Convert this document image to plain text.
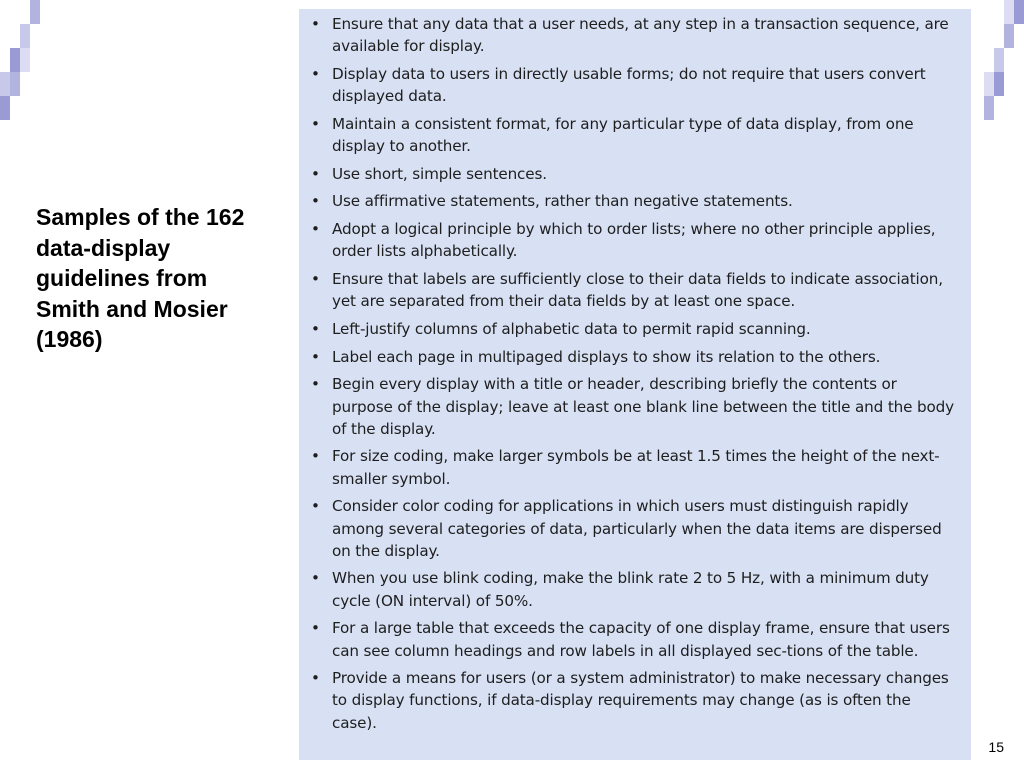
Samples of the 162 data-display guidelines from Smith and Mosier (1986)
• Ensure that any data that a user needs, at any step in a transaction sequence, are available for display.
• Display data to users in directly usable forms; do not require that users convert displayed data.
• Maintain a consistent format, for any particular type of data display, from one display to another.
• Use short, simple sentences.
• Use affirmative statements, rather than negative statements.
• Adopt a logical principle by which to order lists; where no other principle applies, order lists alphabetically.
• Ensure that labels are sufficiently close to their data fields to indicate association, yet are separated from their data fields by at least one space.
• Left-justify columns of alphabetic data to permit rapid scanning.
• Label each page in multipaged displays to show its relation to the others.
• Begin every display with a title or header, describing briefly the contents or purpose of the display; leave at least one blank line between the title and the body of the display.
• For size coding, make larger symbols be at least 1.5 times the height of the next-smaller symbol.
• Consider color coding for applications in which users must distinguish rapidly among several categories of data, particularly when the data items are dispersed on the display.
• When you use blink coding, make the blink rate 2 to 5 Hz, with a minimum duty cycle (ON interval) of 50%.
• For a large table that exceeds the capacity of one display frame, ensure that users can see column headings and row labels in all displayed sec-tions of the table.
• Provide a means for users (or a system administrator) to make necessary changes to display functions, if data-display requirements may change (as is often the case).
15
